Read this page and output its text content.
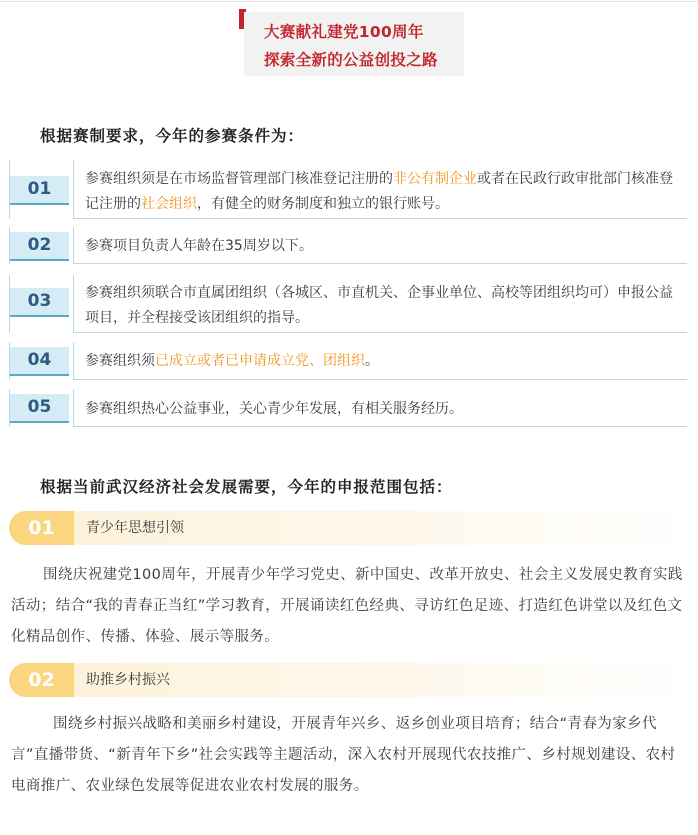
大赛献礼建党100周年
探索全新的公益创投之路
根据赛制要求，今年的参赛条件为：
01	参赛组织须是在市场监督管理部门核准登记注册的非公有制企业或者在民政行政审批部门核准登记注册的社会组织，有健全的财务制度和独立的银行账号。
02	参赛项目负责人年龄在35周岁以下。
03	参赛组织须联合市直属团组织（各城区、市直机关、企事业单位、高校等团组织均可）申报公益项目，并全程接受该团组织的指导。
04	参赛组织须已成立或者已申请成立党、团组织。
05	参赛组织热心公益事业，关心青少年发展，有相关服务经历。
根据当前武汉经济社会发展需要，今年的申报范围包括：
01	青少年思想引领
围绕庆祝建党100周年，开展青少年学习党史、新中国史、改革开放史、社会主义发展史教育实践活动；结合“我的青春正当红”学习教育，开展诵读红色经典、寻访红色足迹、打造红色讲堂以及红色文化精品创作、传播、体验、展示等服务。
02	助推乡村振兴
围绕乡村振兴战略和美丽乡村建设，开展青年兴乡、返乡创业项目培育；结合“青春为家乡代言”直播带货、“新青年下乡”社会实践等主题活动，深入农村开展现代农技推广、乡村规划建设、农村电商推广、农业绿色发展等促进农业农村发展的服务。
